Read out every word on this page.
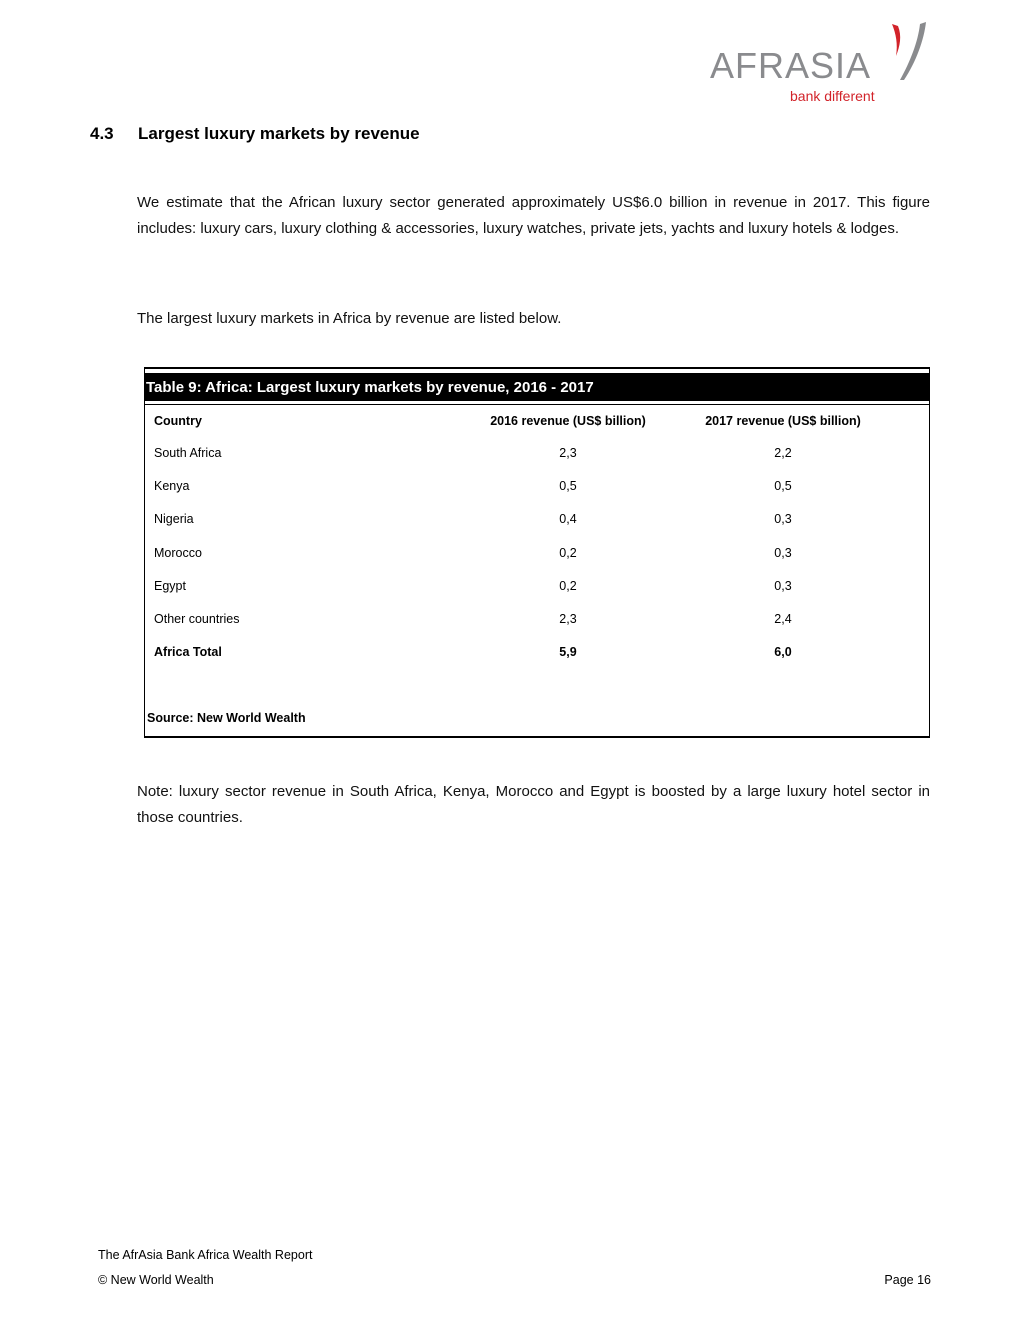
AFRASIA
bank different
4.3 Largest luxury markets by revenue
We estimate that the African luxury sector generated approximately US$6.0 billion in revenue in 2017. This figure includes: luxury cars, luxury clothing & accessories, luxury watches, private jets, yachts and luxury hotels & lodges.
The largest luxury markets in Africa by revenue are listed below.
Table 9: Africa: Largest luxury markets by revenue, 2016 - 2017
Country	2016 revenue (US$ billion)	2017 revenue (US$ billion)
South Africa	2,3	2,2
Kenya	0,5	0,5
Nigeria	0,4	0,3
Morocco	0,2	0,3
Egypt	0,2	0,3
Other countries	2,3	2,4
Africa Total	5,9	6,0
Source: New World Wealth
Note: luxury sector revenue in South Africa, Kenya, Morocco and Egypt is boosted by a large luxury hotel sector in those countries.
The AfrAsia Bank Africa Wealth Report
© New World Wealth	Page 16
